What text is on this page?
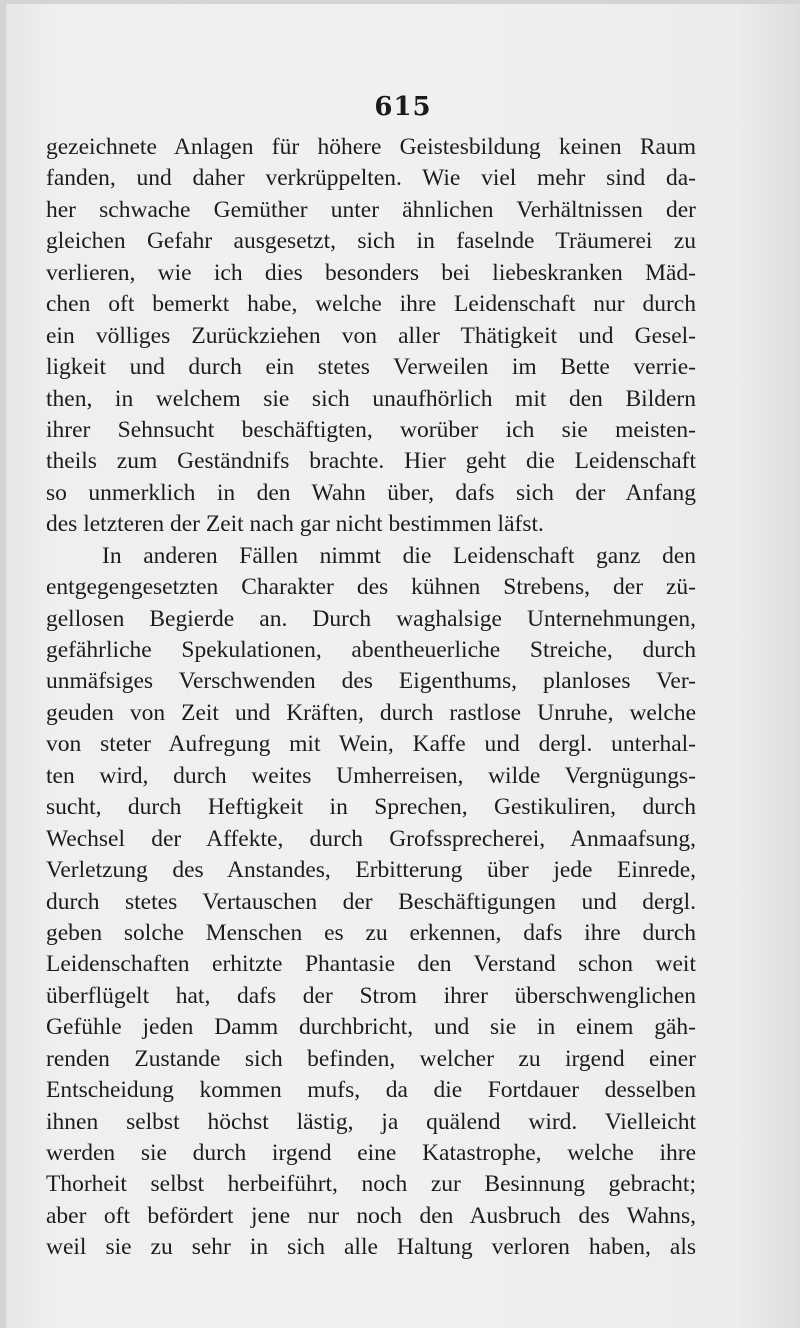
615
gezeichnete Anlagen für höhere Geistesbildung keinen Raum
fanden, und daher verkrüppelten. Wie viel mehr sind da-
her schwache Gemüther unter ähnlichen Verhältnissen der
gleichen Gefahr ausgesetzt, sich in faselnde Träumerei zu
verlieren, wie ich dies besonders bei liebeskranken Mäd-
chen oft bemerkt habe, welche ihre Leidenschaft nur durch
ein völliges Zurückziehen von aller Thätigkeit und Gesel-
ligkeit und durch ein stetes Verweilen im Bette verrie-
then, in welchem sie sich unaufhörlich mit den Bildern
ihrer Sehnsucht beschäftigten, worüber ich sie meisten-
theils zum Geständnifs brachte. Hier geht die Leidenschaft
so unmerklich in den Wahn über, dafs sich der Anfang
des letzteren der Zeit nach gar nicht bestimmen läfst.
In anderen Fällen nimmt die Leidenschaft ganz den
entgegengesetzten Charakter des kühnen Strebens, der zü-
gellosen Begierde an. Durch waghalsige Unternehmungen,
gefährliche Spekulationen, abentheuerliche Streiche, durch
unmäfsiges Verschwenden des Eigenthums, planloses Ver-
geuden von Zeit und Kräften, durch rastlose Unruhe, welche
von steter Aufregung mit Wein, Kaffe und dergl. unterhal-
ten wird, durch weites Umherreisen, wilde Vergnügungs-
sucht, durch Heftigkeit in Sprechen, Gestikuliren, durch
Wechsel der Affekte, durch Grofssprecherei, Anmaafsung,
Verletzung des Anstandes, Erbitterung über jede Einrede,
durch stetes Vertauschen der Beschäftigungen und dergl.
geben solche Menschen es zu erkennen, dafs ihre durch
Leidenschaften erhitzte Phantasie den Verstand schon weit
überflügelt hat, dafs der Strom ihrer überschwenglichen
Gefühle jeden Damm durchbricht, und sie in einem gäh-
renden Zustande sich befinden, welcher zu irgend einer
Entscheidung kommen mufs, da die Fortdauer desselben
ihnen selbst höchst lästig, ja quälend wird. Vielleicht
werden sie durch irgend eine Katastrophe, welche ihre
Thorheit selbst herbeiführt, noch zur Besinnung gebracht;
aber oft befördert jene nur noch den Ausbruch des Wahns,
weil sie zu sehr in sich alle Haltung verloren haben, als
